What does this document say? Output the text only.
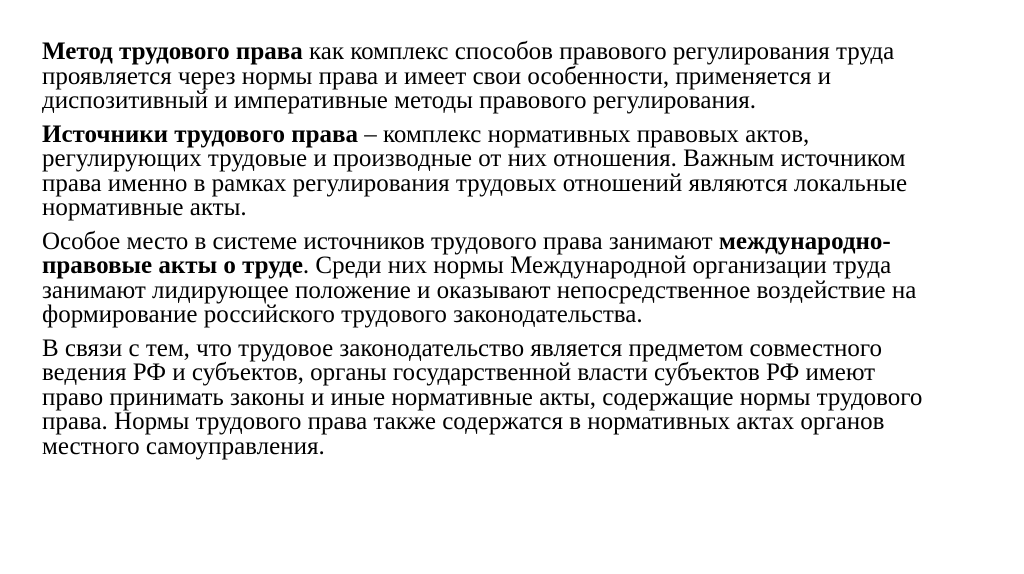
Метод трудового права как комплекс способов правового регулирования труда проявляется через нормы права и имеет свои особенности, применяется и диспозитивный и императивные методы правового регулирования.

Источники трудового права – комплекс нормативных правовых актов, регулирующих трудовые и производные от них отношения. Важным источником права именно в рамках регулирования трудовых отношений являются локальные нормативные акты.

Особое место в системе источников трудового права занимают международно-правовые акты о труде. Среди них нормы Международной организации труда занимают лидирующее положение и оказывают непосредственное воздействие на формирование российского трудового законодательства.

В связи с тем, что трудовое законодательство является предметом совместного ведения РФ и субъектов, органы государственной власти субъектов РФ имеют право принимать законы и иные нормативные акты, содержащие нормы трудового права. Нормы трудового права также содержатся в нормативных актах органов местного самоуправления.
